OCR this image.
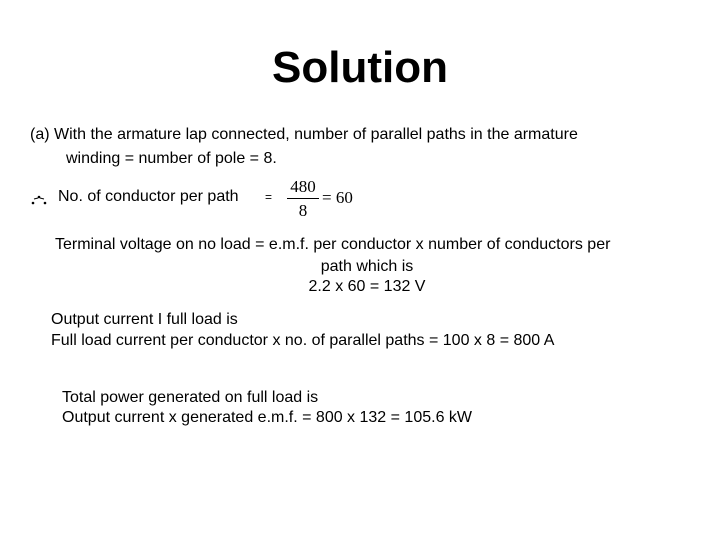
Solution
(a) With the armature lap connected, number of parallel paths in the armature
winding = number of pole = 8.
No. of conductor per path =
480
8
= 60
Terminal voltage on no load = e.m.f. per conductor x number of conductors per
path which is
2.2 x 60 = 132 V
Output current I full load is
Full load current per conductor x no. of parallel paths = 100 x 8 = 800 A
Total power generated on full load is
Output current x generated e.m.f. = 800 x 132 = 105.6 kW
